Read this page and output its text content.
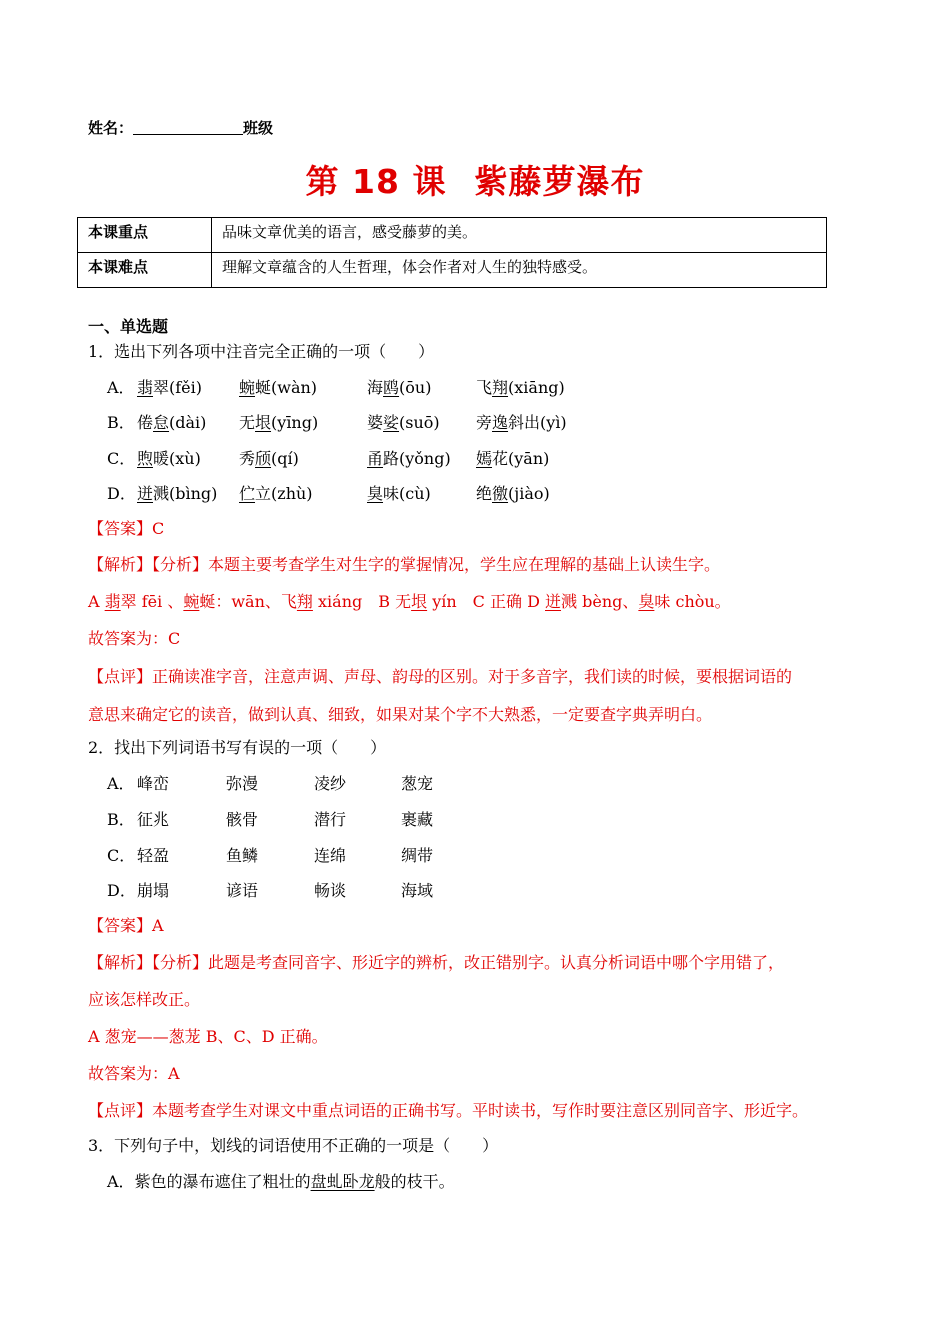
姓名：	班级
第 18 课 紫藤萝瀑布
本课重点	品味文章优美的语言，感受藤萝的美。
本课难点	理解文章蕴含的人生哲理，体会作者对人生的独特感受。
一、单选题
1．选出下列各项中注音完全正确的一项（　　）
A． 翡翠(fěi) 蜿蜒(wàn)	海鸥(ōu)	飞翔(xiāng)
B． 倦怠(dài) 无垠(yīng)	婆娑(suō) 旁逸斜出(yì)
C． 煦暖(xù) 秀颀(qí)	甬路(yǒng) 嫣花(yān)
D． 迸溅(bìng) 伫立(zhù)	臭味(cù)	绝徼(jiào)
【答案】C
【解析】【分析】本题主要考查学生对生字的掌握情况，学生应在理解的基础上认读生字。
A 翡翠 fēi 、蜿蜒：wān、飞翔 xiáng　B 无垠 yín　C 正确 D 迸溅 bèng、臭味 chòu。
故答案为：C
【点评】正确读准字音，注意声调、声母、韵母的区别。对于多音字，我们读的时候，要根据词语的
意思来确定它的读音，做到认真、细致，如果对某个字不大熟悉，一定要查字典弄明白。
2．找出下列词语书写有误的一项（　　）
A． 峰峦	弥漫	凌纱	葱宠
B． 征兆	骸骨	潜行	裹藏
C． 轻盈	鱼鳞	连绵	绸带
D． 崩塌	谚语	畅谈	海域
【答案】A
【解析】【分析】此题是考查同音字、形近字的辨析，改正错别字。认真分析词语中哪个字用错了，
应该怎样改正。
A 葱宠——葱茏 B、C、D 正确。
故答案为：A
【点评】本题考查学生对课文中重点词语的正确书写。平时读书，写作时要注意区别同音字、形近字。
3．下列句子中，划线的词语使用不正确的一项是（　　）
A．紫色的瀑布遮住了粗壮的盘虬卧龙般的枝干。
